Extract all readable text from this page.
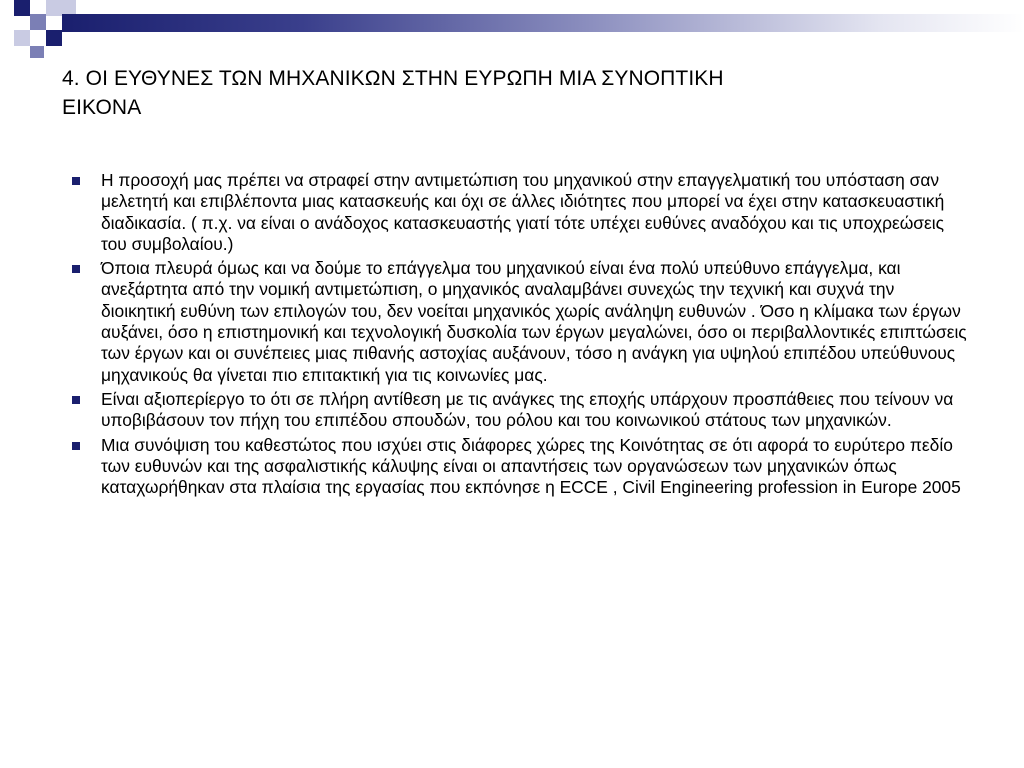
4. ΟΙ ΕΥΘΥΝΕΣ ΤΩΝ ΜΗΧΑΝΙΚΩΝ ΣΤΗΝ ΕΥΡΩΠΗ ΜΙΑ ΣΥΝΟΠΤΙΚΗ
ΕΙΚΟΝΑ
Η προσοχή μας πρέπει να στραφεί στην αντιμετώπιση του μηχανικού στην επαγγελματική του υπόσταση σαν μελετητή και επιβλέποντα μιας κατασκευής και όχι σε άλλες ιδιότητες που μπορεί να έχει στην κατασκευαστική διαδικασία. ( π.χ. να είναι ο ανάδοχος κατασκευαστής γιατί τότε υπέχει ευθύνες αναδόχου και τις υποχρεώσεις του συμβολαίου.)
Όποια πλευρά όμως και να δούμε το επάγγελμα του μηχανικού είναι ένα πολύ υπεύθυνο επάγγελμα, και ανεξάρτητα από την νομική αντιμετώπιση, ο μηχανικός αναλαμβάνει συνεχώς την τεχνική και συχνά την διοικητική ευθύνη των επιλογών του, δεν νοείται μηχανικός χωρίς ανάληψη ευθυνών . Όσο η κλίμακα των έργων αυξάνει, όσο η επιστημονική και τεχνολογική δυσκολία των έργων μεγαλώνει, όσο οι περιβαλλοντικές επιπτώσεις των έργων και οι συνέπειες μιας πιθανής αστοχίας αυξάνουν, τόσο η ανάγκη για υψηλού επιπέδου υπεύθυνους μηχανικούς θα γίνεται πιο επιτακτική για τις κοινωνίες μας.
Είναι αξιοπερίεργο το ότι σε πλήρη αντίθεση με τις ανάγκες της εποχής υπάρχουν προσπάθειες που τείνουν να υποβιβάσουν τον πήχη του επιπέδου σπουδών, του ρόλου και του κοινωνικού στάτους των μηχανικών.
Μια συνόψιση του καθεστώτος που ισχύει στις διάφορες χώρες της Κοινότητας σε ότι αφορά το ευρύτερο πεδίο των ευθυνών και της ασφαλιστικής κάλυψης είναι οι απαντήσεις των οργανώσεων των μηχανικών όπως καταχωρήθηκαν στα πλαίσια της εργασίας που εκπόνησε η ECCE , Civil Engineering profession in Europe 2005
